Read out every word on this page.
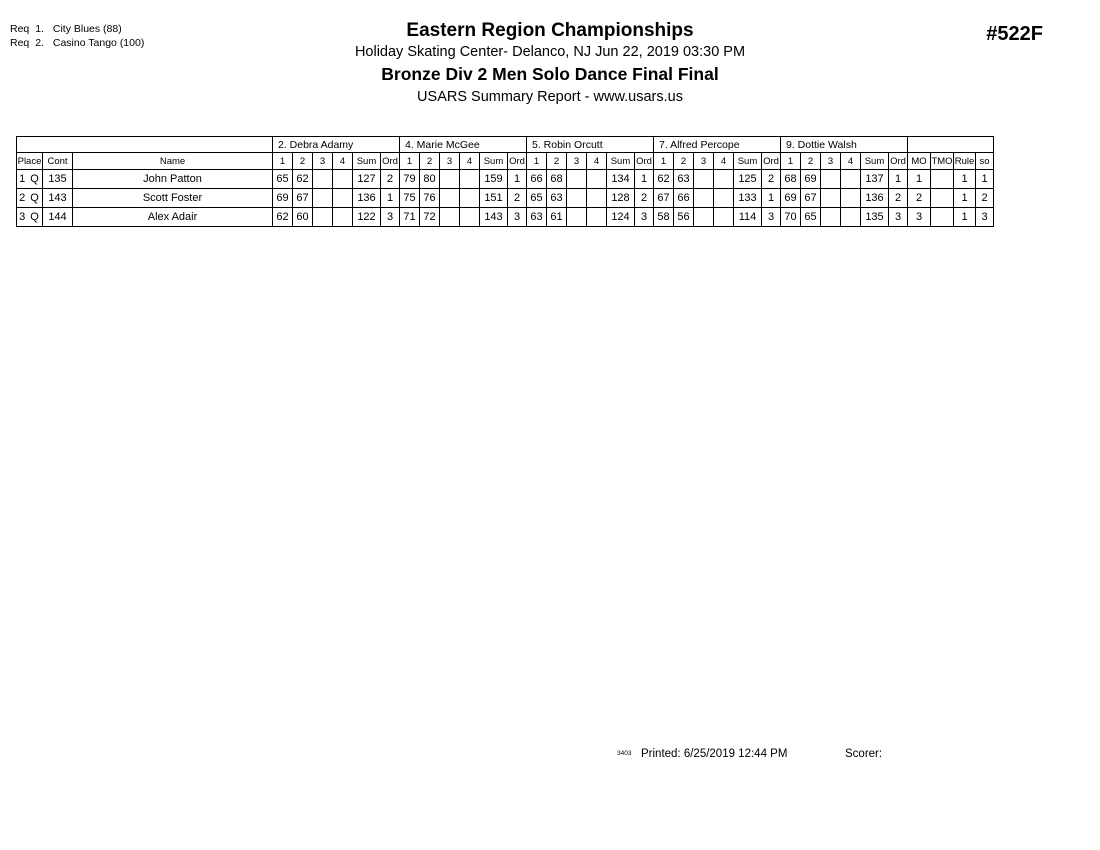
Req 1. City Blues (88)
Req 2. Casino Tango (100)
Eastern Region Championships
Holiday Skating Center- Delanco, NJ Jun 22, 2019 03:30 PM
Bronze Div 2 Men Solo Dance Final Final
USARS Summary Report - www.usars.us
#522F
			2. Debra Adamy						4. Marie McGee						5. Robin Orcutt						7. Alfred Percope						9. Dottie Walsh									
Place	Cont	Name	1	2	3	4	Sum	Ord	1	2	3	4	Sum	Ord	1	2	3	4	Sum	Ord	1	2	3	4	Sum	Ord	1	2	3	4	Sum	Ord	MO	TMO	Rule	so
1 Q	135	John Patton	65	62			127	2	79	80			159	1	66	68			134	1	62	63			125	2	68	69			137	1	1		1	1
2 Q	143	Scott Foster	69	67			136	1	75	76			151	2	65	63			128	2	67	66			133	1	69	67			136	2	2		1	2
3 Q	144	Alex Adair	62	60			122	3	71	72			143	3	63	61			124	3	58	56			114	3	70	65			135	3	3		1	3
3403 Printed: 6/25/2019 12:44 PM	Scorer:
